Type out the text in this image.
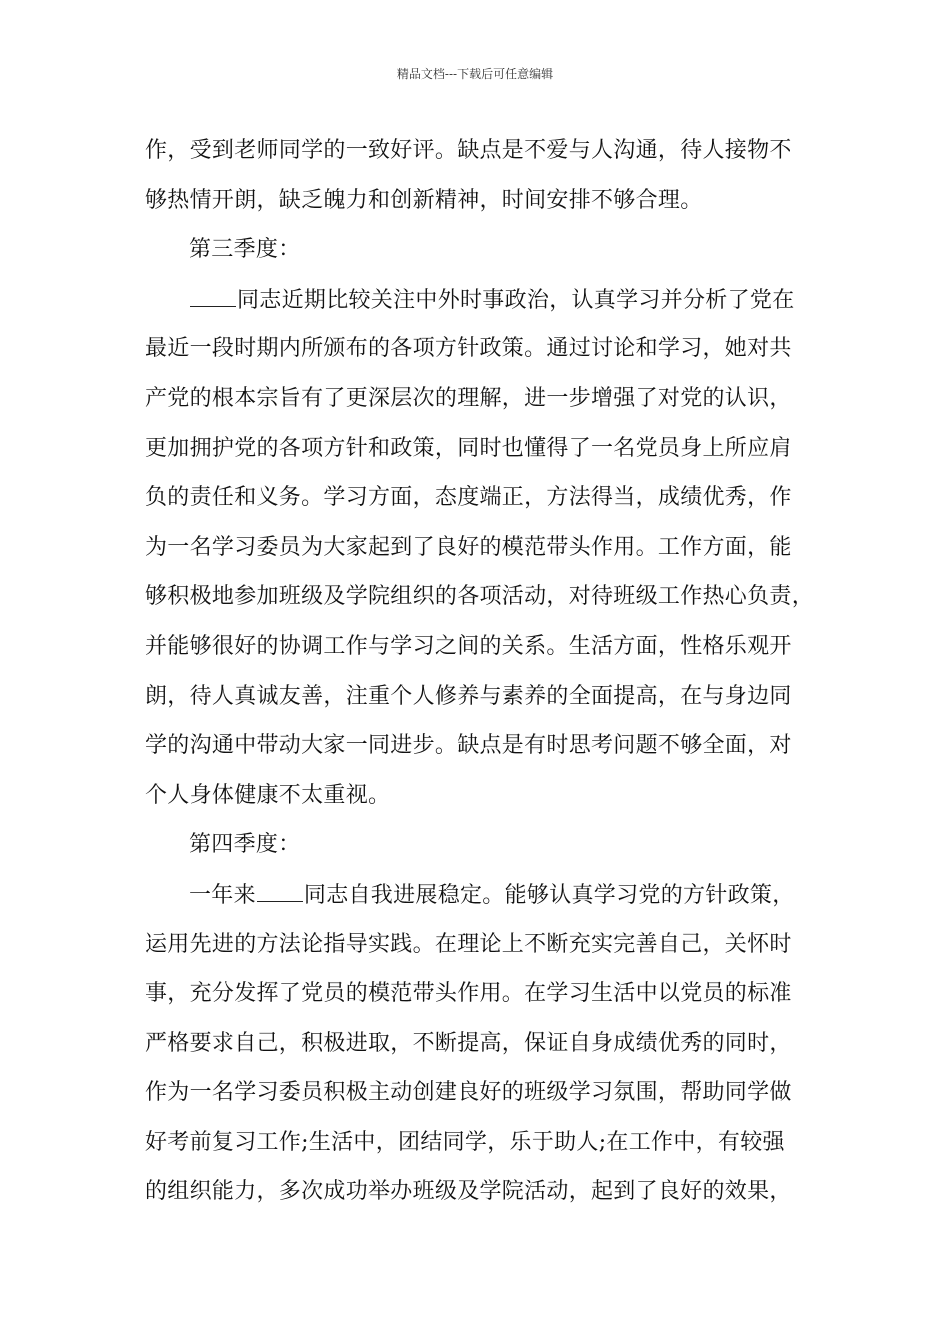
精品文档---下载后可任意编辑
作，受到老师同学的一致好评。缺点是不爱与人沟通，待人接物不
够热情开朗，缺乏魄力和创新精神，时间安排不够合理。
第三季度：
同志近期比较关注中外时事政治，认真学习并分析了党在
最近一段时期内所颁布的各项方针政策。通过讨论和学习，她对共
产党的根本宗旨有了更深层次的理解，进一步增强了对党的认识，
更加拥护党的各项方针和政策，同时也懂得了一名党员身上所应肩
负的责任和义务。学习方面，态度端正，方法得当，成绩优秀，作
为一名学习委员为大家起到了良好的模范带头作用。工作方面，能
够积极地参加班级及学院组织的各项活动，对待班级工作热心负责，
并能够很好的协调工作与学习之间的关系。生活方面，性格乐观开
朗，待人真诚友善，注重个人修养与素养的全面提高，在与身边同
学的沟通中带动大家一同进步。缺点是有时思考问题不够全面，对
个人身体健康不太重视。
第四季度：
一年来 同志自我进展稳定。能够认真学习党的方针政策，
运用先进的方法论指导实践。在理论上不断充实完善自己，关怀时
事，充分发挥了党员的模范带头作用。在学习生活中以党员的标准
严格要求自己，积极进取，不断提高，保证自身成绩优秀的同时，
作为一名学习委员积极主动创建良好的班级学习氛围，帮助同学做
好考前复习工作;生活中，团结同学，乐于助人;在工作中，有较强
的组织能力，多次成功举办班级及学院活动，起到了良好的效果，
